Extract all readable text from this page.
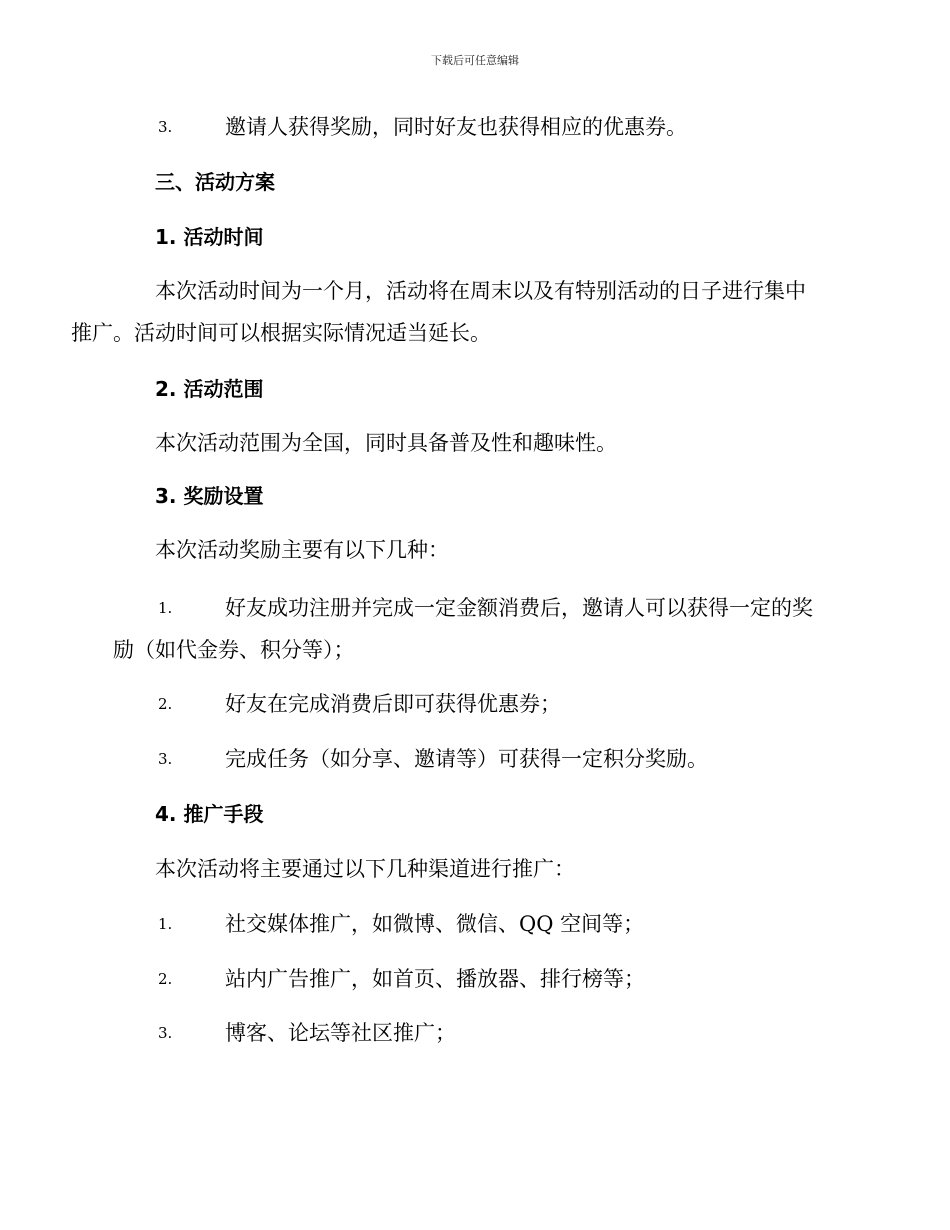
下载后可任意编辑
3.	邀请人获得奖励，同时好友也获得相应的优惠券。
三、活动方案
1. 活动时间
本次活动时间为一个月，活动将在周末以及有特别活动的日子进行集中
推广。活动时间可以根据实际情况适当延长。
2. 活动范围
本次活动范围为全国，同时具备普及性和趣味性。
3. 奖励设置
本次活动奖励主要有以下几种：
1.	好友成功注册并完成一定金额消费后，邀请人可以获得一定的奖
励（如代金券、积分等）；
2.	好友在完成消费后即可获得优惠券；
3.	完成任务（如分享、邀请等）可获得一定积分奖励。
4. 推广手段
本次活动将主要通过以下几种渠道进行推广：
1.	社交媒体推广，如微博、微信、QQ 空间等；
2.	站内广告推广，如首页、播放器、排行榜等；
3.	博客、论坛等社区推广；
